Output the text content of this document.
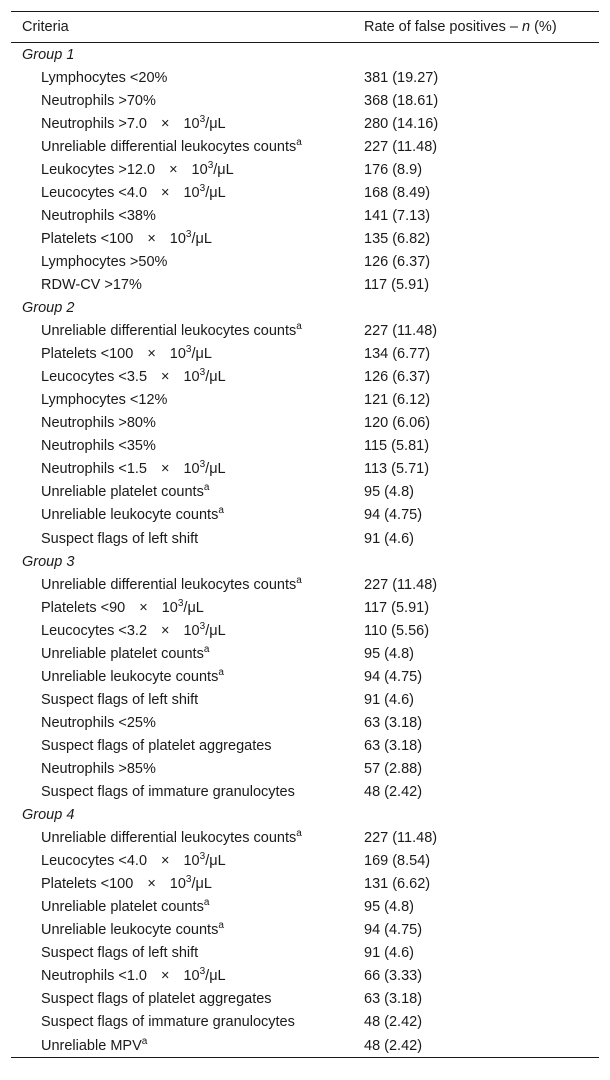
Criteria	Rate of false positives – n (%)
Group 1
Lymphocytes <20%	381 (19.27)
Neutrophils >70%	368 (18.61)
Neutrophils $>7.0 \times 10^3/\mu L$	280 (14.16)
Unreliable differential leukocytes counts$^a$	227 (11.48)
Leukocytes $>12.0 \times 10^3/\mu L$	176 (8.9)
Leucocytes $<4.0 \times 10^3/\mu L$	168 (8.49)
Neutrophils <38%	141 (7.13)
Platelets $<100 \times 10^3/\mu L$	135 (6.82)
Lymphocytes >50%	126 (6.37)
RDW-CV >17%	117 (5.91)
Group 2
Unreliable differential leukocytes counts$^a$	227 (11.48)
Platelets $<100 \times 10^3/\mu L$	134 (6.77)
Leucocytes $<3.5 \times 10^3/\mu L$	126 (6.37)
Lymphocytes <12%	121 (6.12)
Neutrophils >80%	120 (6.06)
Neutrophils <35%	115 (5.81)
Neutrophils $<1.5 \times 10^3/\mu L$	113 (5.71)
Unreliable platelet counts$^a$	95 (4.8)
Unreliable leukocyte counts$^a$	94 (4.75)
Suspect flags of left shift	91 (4.6)
Group 3
Unreliable differential leukocytes counts$^a$	227 (11.48)
Platelets $<90 \times 10^3/\mu L$	117 (5.91)
Leucocytes $<3.2 \times 10^3/\mu L$	110 (5.56)
Unreliable platelet counts$^a$	95 (4.8)
Unreliable leukocyte counts$^a$	94 (4.75)
Suspect flags of left shift	91 (4.6)
Neutrophils <25%	63 (3.18)
Suspect flags of platelet aggregates	63 (3.18)
Neutrophils >85%	57 (2.88)
Suspect flags of immature granulocytes	48 (2.42)
Group 4
Unreliable differential leukocytes counts$^a$	227 (11.48)
Leucocytes $<4.0 \times 10^3/\mu L$	169 (8.54)
Platelets $<100 \times 10^3/\mu L$	131 (6.62)
Unreliable platelet counts$^a$	95 (4.8)
Unreliable leukocyte counts$^a$	94 (4.75)
Suspect flags of left shift	91 (4.6)
Neutrophils $<1.0 \times 10^3/\mu L$	66 (3.33)
Suspect flags of platelet aggregates	63 (3.18)
Suspect flags of immature granulocytes	48 (2.42)
Unreliable MPV$^a$	48 (2.42)
